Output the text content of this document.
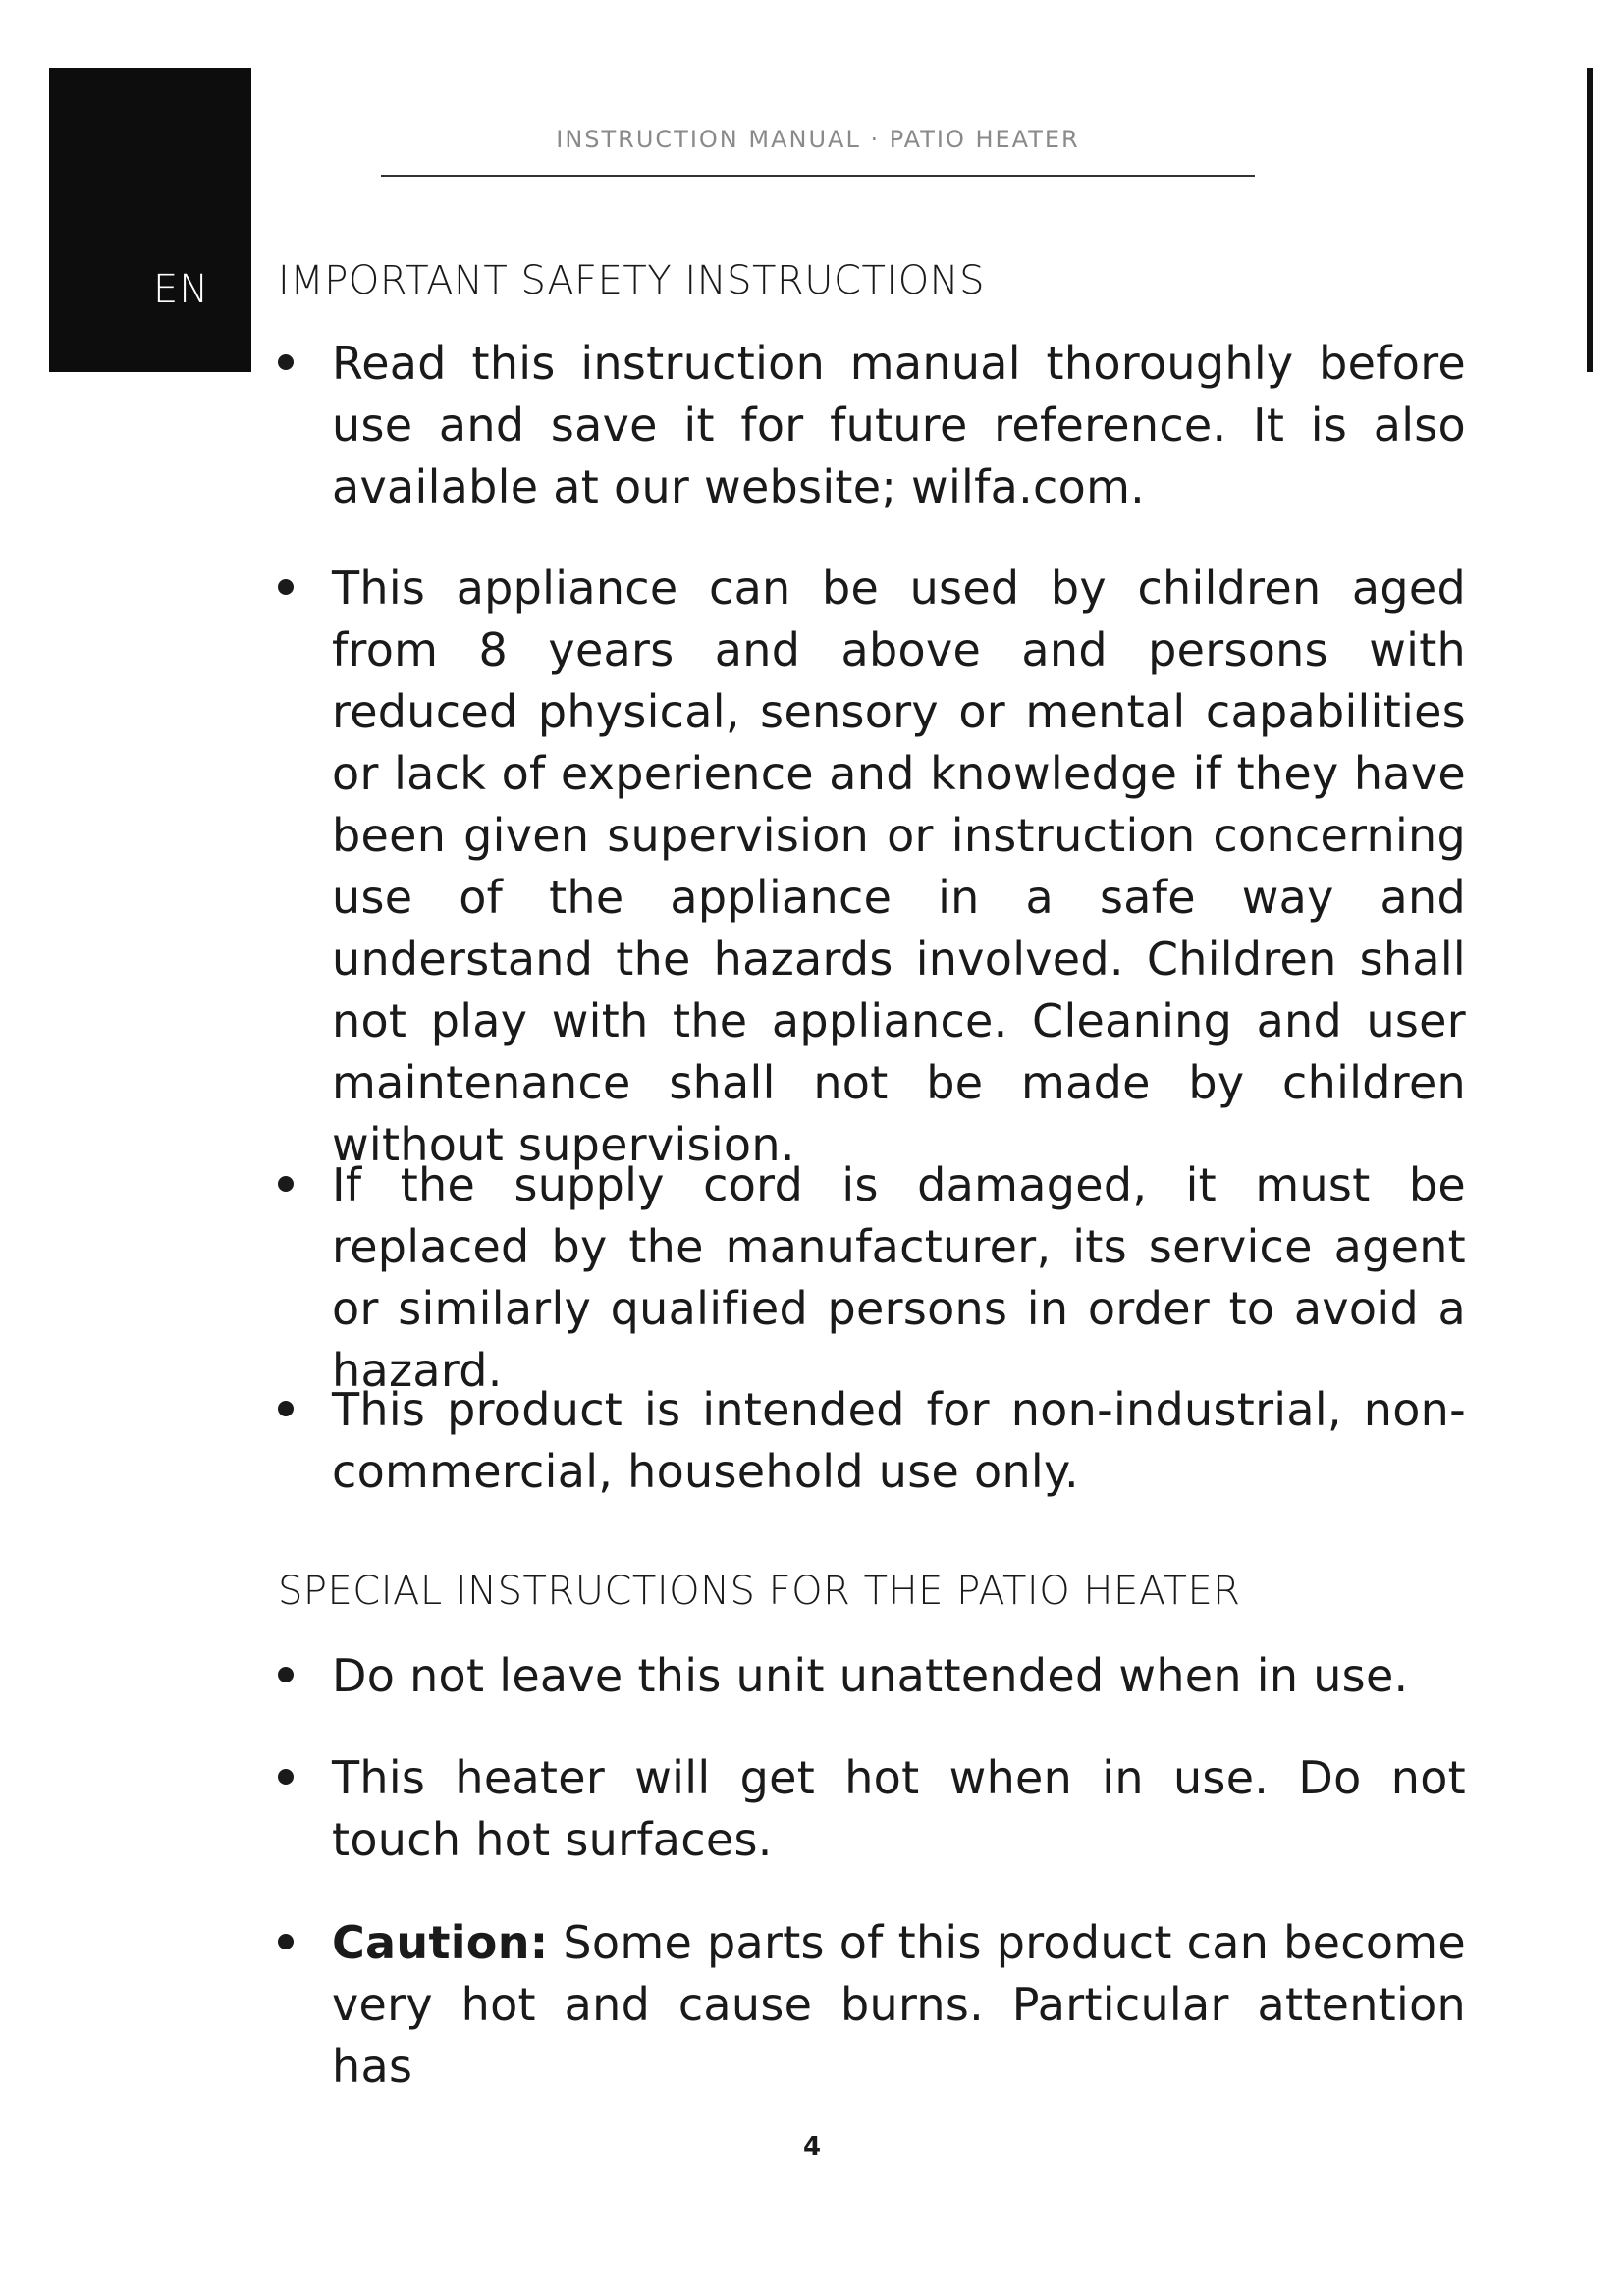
EN
INSTRUCTION MANUAL · PATIO HEATER
IMPORTANT SAFETY INSTRUCTIONS

Read this instruction manual thoroughly before use and save it for future reference. It is also available at our website; wilfa.com.

This appliance can be used by children aged from 8 years and above and persons with reduced physical, sensory or mental capabilities or lack of experience and knowledge if they have been given supervision or instruction concerning use of the appliance in a safe way and understand the hazards involved. Children shall not play with the appliance. Cleaning and user maintenance shall not be made by children without supervision.

If the supply cord is damaged, it must be replaced by the manufacturer, its service agent or similarly qualified persons in order to avoid a hazard.

This product is intended for non-industrial, non-commercial, household use only.

SPECIAL INSTRUCTIONS FOR THE PATIO HEATER

Do not leave this unit unattended when in use.

This heater will get hot when in use. Do not touch hot surfaces.

Caution: Some parts of this product can become very hot and cause burns. Particular attention has

4
